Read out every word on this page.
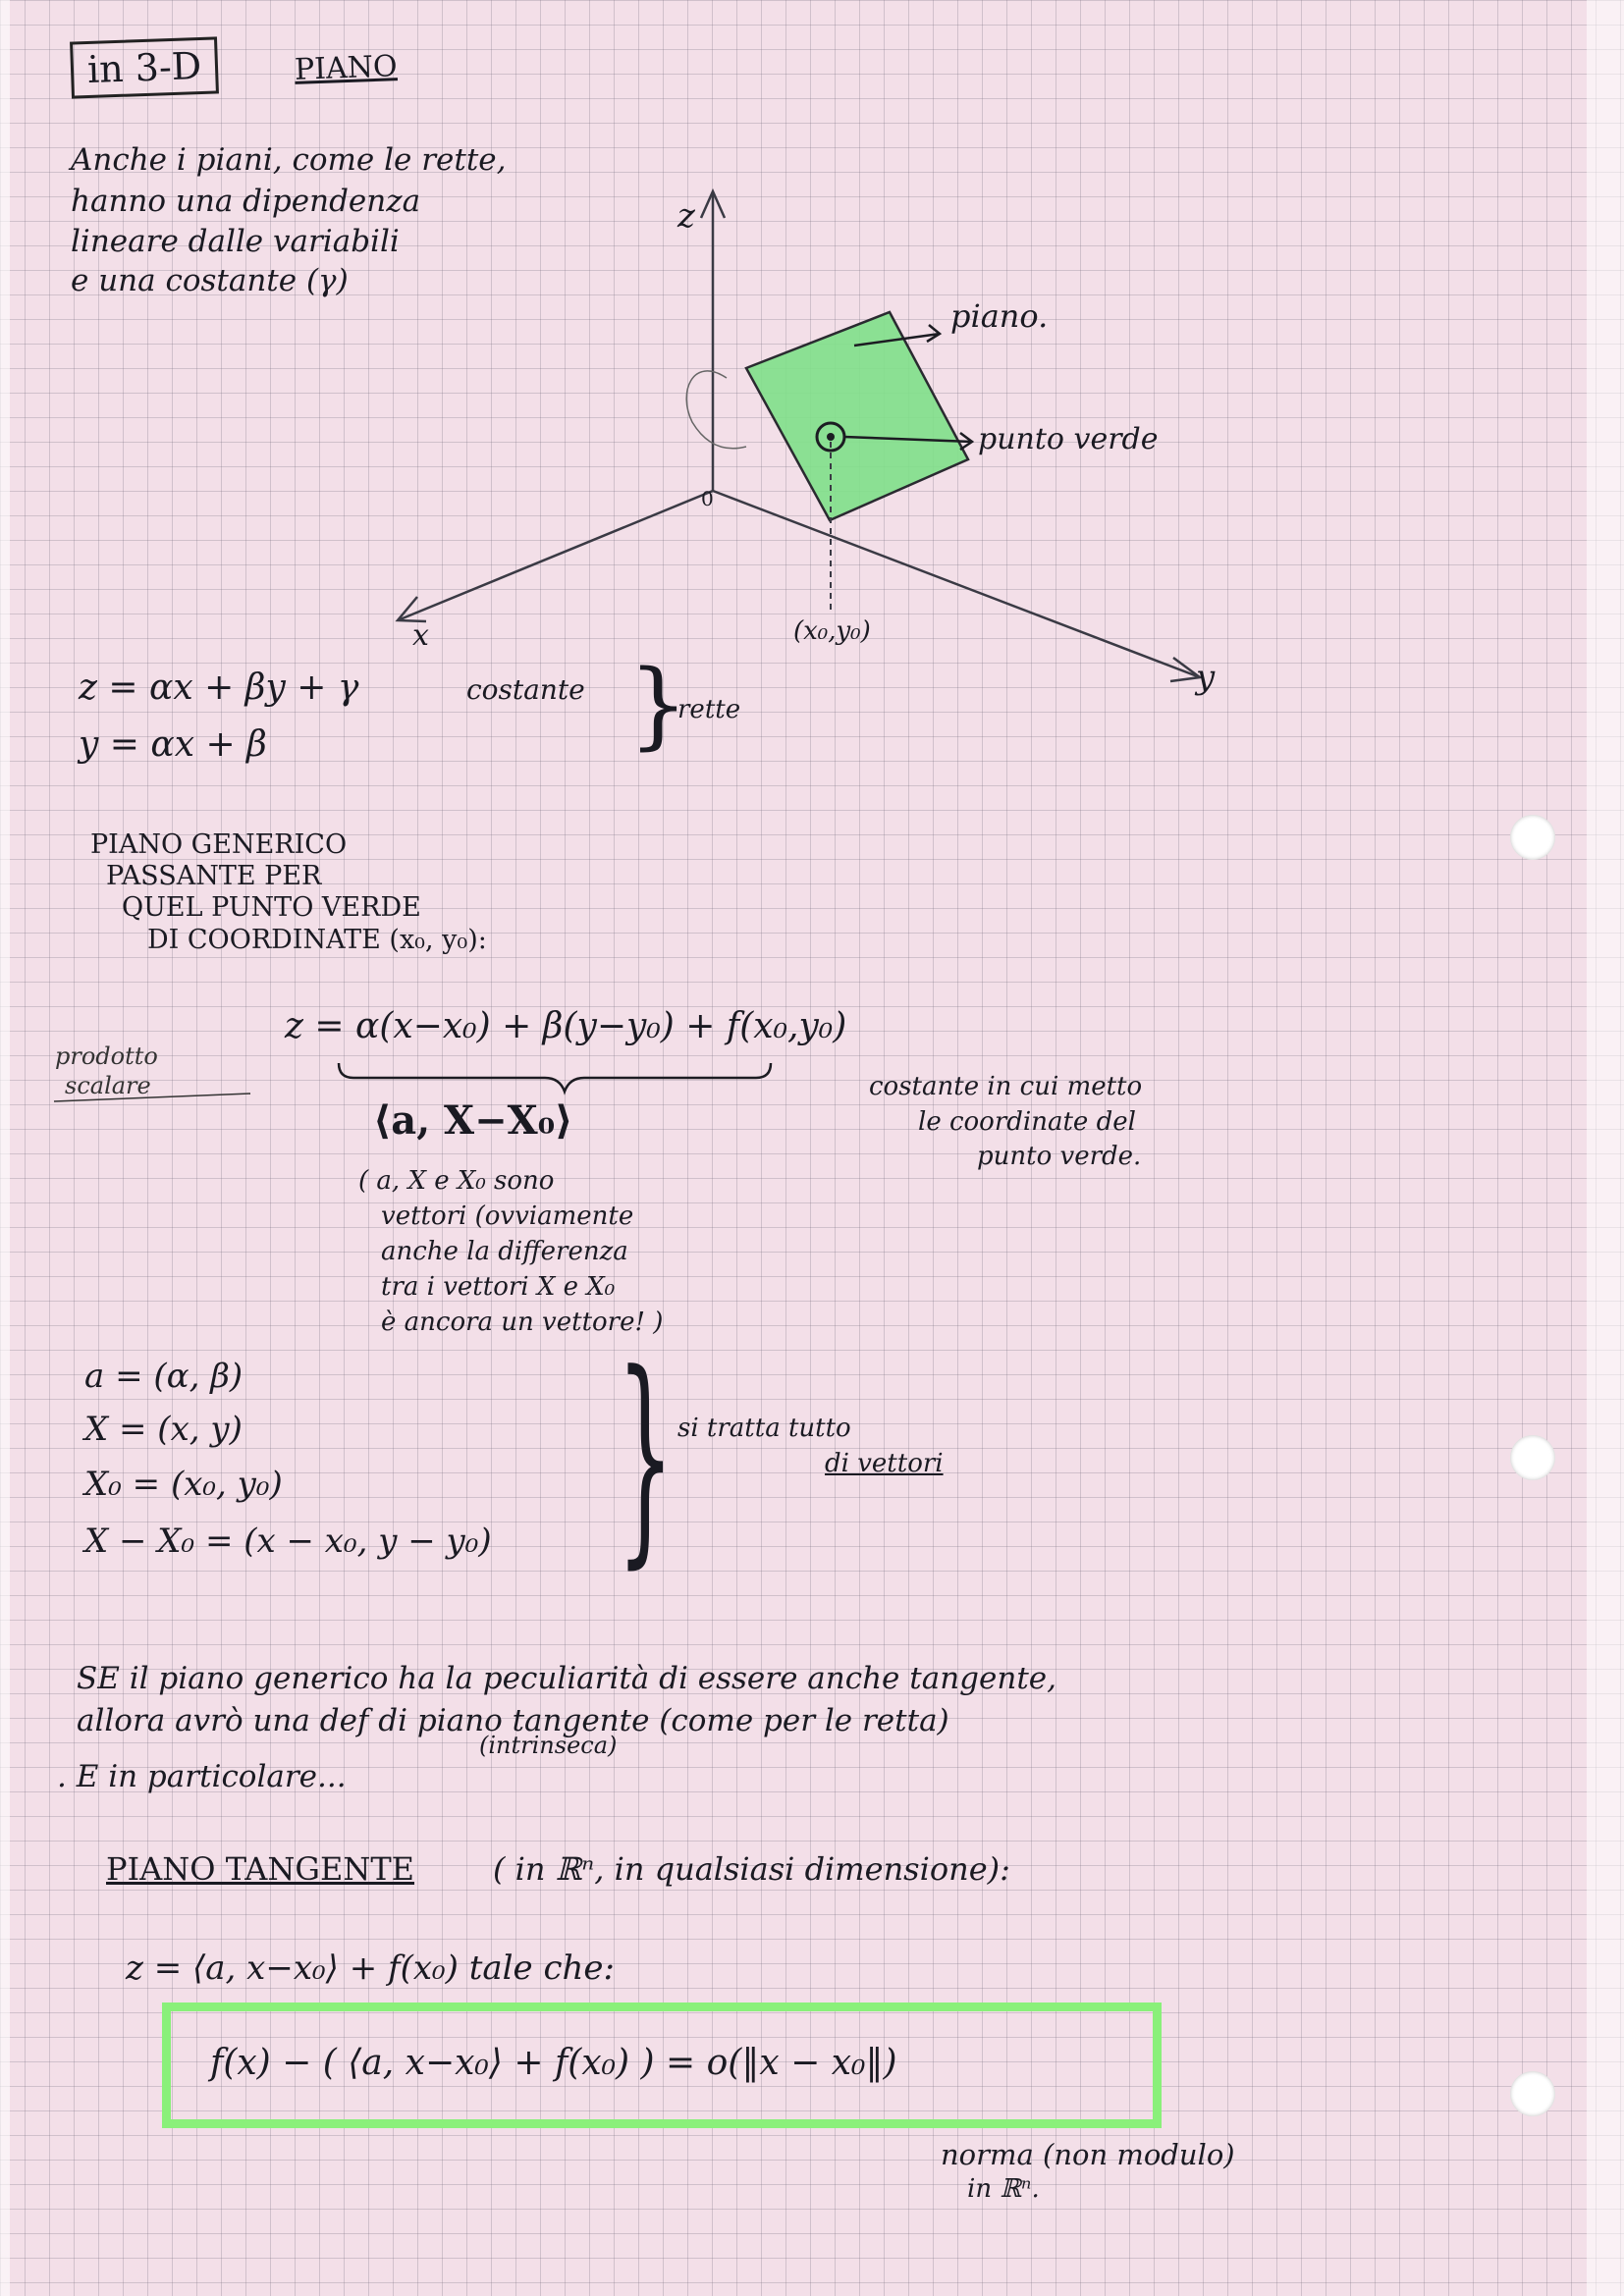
in 3-D	PIANO
Anche i piani, come le rette,
hanno una dipendenza
lineare dalle variabili
e una costante (γ)
z
x
y
0
piano.
punto verde
(x₀,y₀)
z = αx + βy + γ	costante
y = αx + β	}
rette
PIANO GENERICO
PASSANTE PER
QUEL PUNTO VERDE
DI COORDINATE (x₀, y₀):
z = α(x−x₀) + β(y−y₀) + f(x₀,y₀)
prodotto
scalare
⟨a, X−X₀⟩
costante in cui metto
le coordinate del
punto verde.
( a, X e X₀ sono
vettori (ovviamente
anche la differenza
tra i vettori X e X₀
è ancora un vettore! )
a = (α, β)
X = (x, y)
X₀ = (x₀, y₀)
X − X₀ = (x − x₀, y − y₀) } si tratta tutto
di vettori
SE il piano generico ha la peculiarità di essere anche tangente,
allora avrò una def di piano tangente (come per le retta)
(intrinseca)
. E in particolare...
PIANO TANGENTE ( in ℝⁿ, in qualsiasi dimensione):
z = ⟨a, x−x₀⟩ + f(x₀) tale che:
f(x) − ( ⟨a, x−x₀⟩ + f(x₀) ) = o(‖x − x₀‖)
norma (non modulo)
in ℝⁿ.
